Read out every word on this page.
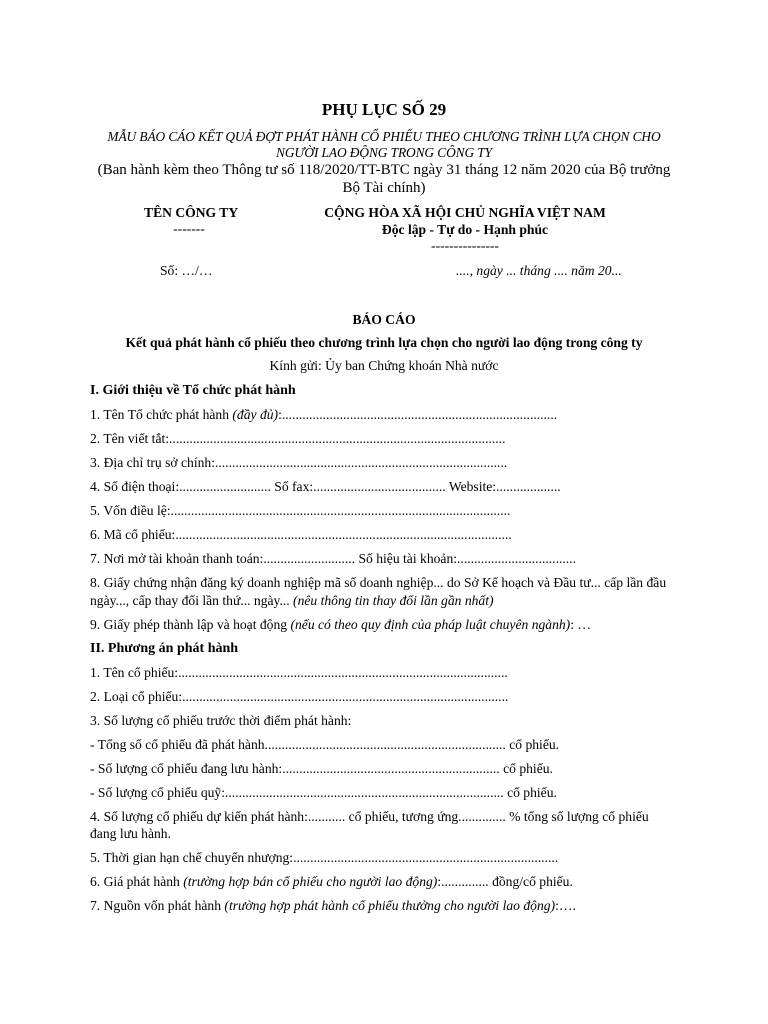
PHỤ LỤC SỐ 29
MẪU BÁO CÁO KẾT QUẢ ĐỢT PHÁT HÀNH CỔ PHIẾU THEO CHƯƠNG TRÌNH LỰA CHỌN CHO
NGƯỜI LAO ĐỘNG TRONG CÔNG TY
(Ban hành kèm theo Thông tư số 118/2020/TT-BTC ngày 31 tháng 12 năm 2020 của Bộ trưởng
Bộ Tài chính)
TÊN CÔNG TY
-------
CỘNG HÒA XÃ HỘI CHỦ NGHĨA VIỆT NAM
Độc lập - Tự do - Hạnh phúc
---------------
Số: …/…	...., ngày ... tháng .... năm 20...
BÁO CÁO
Kết quả phát hành cổ phiếu theo chương trình lựa chọn cho người lao động trong công ty
Kính gửi: Ủy ban Chứng khoán Nhà nước
I. Giới thiệu về Tổ chức phát hành
1. Tên Tổ chức phát hành (đầy đủ):.................................................................................
2. Tên viết tắt:...................................................................................................
3. Địa chỉ trụ sở chính:......................................................................................
4. Số điện thoại:........................... Số fax:....................................... Website:...................
5. Vốn điều lệ:....................................................................................................
6. Mã cổ phiếu:...................................................................................................
7. Nơi mở tài khoản thanh toán:........................... Số hiệu tài khoản:...................................
8. Giấy chứng nhận đăng ký doanh nghiệp mã số doanh nghiệp... do Sở Kế hoạch và Đầu tư... cấp lần đầu
ngày..., cấp thay đổi lần thứ... ngày... (nêu thông tin thay đổi lần gần nhất)
9. Giấy phép thành lập và hoạt động (nếu có theo quy định của pháp luật chuyên ngành): …
II. Phương án phát hành
1. Tên cổ phiếu:.................................................................................................
2. Loại cổ phiếu:................................................................................................
3. Số lượng cổ phiếu trước thời điểm phát hành:
- Tổng số cổ phiếu đã phát hành....................................................................... cổ phiếu.
- Số lượng cổ phiếu đang lưu hành:................................................................ cổ phiếu.
- Số lượng cổ phiếu quỹ:.................................................................................. cổ phiếu.
4. Số lượng cổ phiếu dự kiến phát hành:........... cổ phiếu, tương ứng.............. % tổng số lượng cổ phiếu
đang lưu hành.
5. Thời gian hạn chế chuyển nhượng:..............................................................................
6. Giá phát hành (trường hợp bán cổ phiếu cho người lao động):.............. đồng/cổ phiếu.
7. Nguồn vốn phát hành (trường hợp phát hành cổ phiếu thưởng cho người lao động):….
